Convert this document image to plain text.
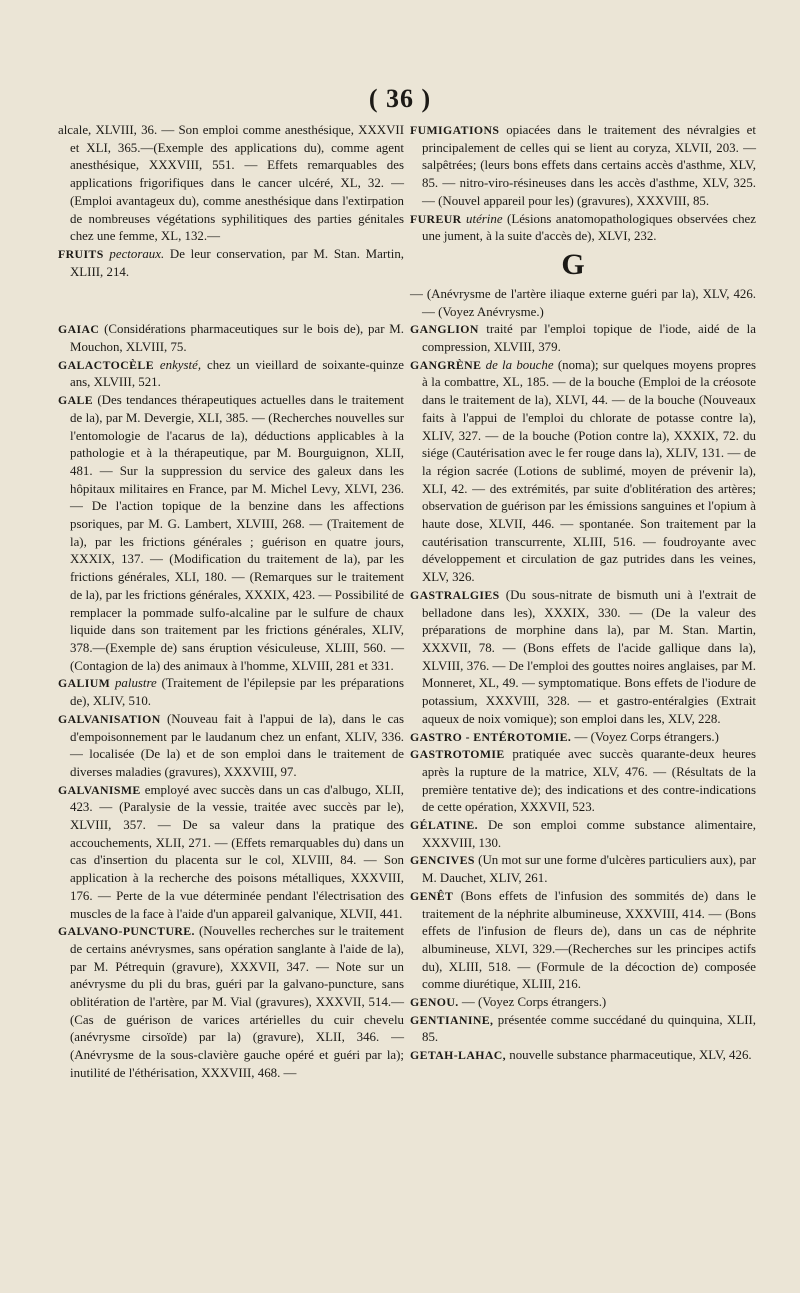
( 36 )

alcale, XLVIII, 36. — Son emploi comme anesthésique, XXXVII et XLI, 365.—(Exemple des applications du), comme agent anesthésique, XXXVIII, 551. — Effets remarquables des applications frigorifiques dans le cancer ulcéré, XL, 32. — (Emploi avantageux du), comme anesthésique dans l'extirpation de nombreuses végétations syphilitiques des parties génitales chez une femme, XL, 132.—

FRUITS pectoraux. De leur conservation, par M. Stan. Martin, XLIII, 214.

GAIAC (Considérations pharmaceutiques sur le bois de), par M. Mouchon, XLVIII, 75.

GALACTOCÈLE enkysté, chez un vieillard de soixante-quinze ans, XLVIII, 521.

GALE (Des tendances thérapeutiques actuelles dans le traitement de la), par M. Devergie, XLI, 385. — (Recherches nouvelles sur l'entomologie de l'acarus de la), déductions applicables à la pathologie et à la thérapeutique, par M. Bourguignon, XLII, 481. — Sur la suppression du service des galeux dans les hôpitaux militaires en France, par M. Michel Levy, XLVI, 236. — De l'action topique de la benzine dans les affections psoriques, par M. G. Lambert, XLVIII, 268. — (Traitement de la), par les frictions générales ; guérison en quatre jours, XXXIX, 137. — (Modification du traitement de la), par les frictions générales, XLI, 180. — (Remarques sur le traitement de la), par les frictions générales, XXXIX, 423. — Possibilité de remplacer la pommade sulfo-alcaline par le sulfure de chaux liquide dans son traitement par les frictions générales, XLIV, 378.—(Exemple de) sans éruption vésiculeuse, XLIII, 560. — (Contagion de la) des animaux à l'homme, XLVIII, 281 et 331.

GALIUM palustre (Traitement de l'épilepsie par les préparations de), XLIV, 510.

GALVANISATION (Nouveau fait à l'appui de la), dans le cas d'empoisonnement par le laudanum chez un enfant, XLIV, 336. — localisée (De la) et de son emploi dans le traitement de diverses maladies (gravures), XXXVIII, 97.

GALVANISME employé avec succès dans un cas d'albugo, XLII, 423. — (Paralysie de la vessie, traitée avec succès par le), XLVIII, 357. — De sa valeur dans la pratique des accouchements, XLII, 271. — (Effets remarquables du) dans un cas d'insertion du placenta sur le col, XLVIII, 84. — Son application à la recherche des poisons métalliques, XXXVIII, 176. — Perte de la vue déterminée pendant l'électrisation des muscles de la face à l'aide d'un appareil galvanique, XLVII, 441.

GALVANO-PUNCTURE. (Nouvelles recherches sur le traitement de certains anévrysmes, sans opération sanglante à l'aide de la), par M. Pétrequin (gravure), XXXVII, 347. — Note sur un anévrysme du pli du bras, guéri par la galvano-puncture, sans oblitération de l'artère, par M. Vial (gravures), XXXVII, 514.—(Cas de guérison de varices artérielles du cuir chevelu (anévrysme cirsoïde) par la) (gravure), XLII, 346. — (Anévrysme de la sous-clavière gauche opéré et guéri par la); inutilité de l'éthérisation, XXXVIII, 468. —

FUMIGATIONS opiacées dans le traitement des névralgies et principalement de celles qui se lient au coryza, XLVII, 203. — salpêtrées; (leurs bons effets dans certains accès d'asthme, XLV, 85. — nitro-viro-résineuses dans les accès d'asthme, XLV, 325.— (Nouvel appareil pour les) (gravures), XXXVIII, 85.

FUREUR utérine (Lésions anatomopathologiques observées chez une jument, à la suite d'accès de), XLVI, 232.

G

— (Anévrysme de l'artère iliaque externe guéri par la), XLV, 426. — (Voyez Anévrysme.)

GANGLION traité par l'emploi topique de l'iode, aidé de la compression, XLVIII, 379.

GANGRÈNE de la bouche (noma); sur quelques moyens propres à la combattre, XL, 185. — de la bouche (Emploi de la créosote dans le traitement de la), XLVI, 44. — de la bouche (Nouveaux faits à l'appui de l'emploi du chlorate de potasse contre la), XLIV, 327. — de la bouche (Potion contre la), XXXIX, 72. du siége (Cautérisation avec le fer rouge dans la), XLIV, 131. — de la région sacrée (Lotions de sublimé, moyen de prévenir la), XLI, 42. — des extrémités, par suite d'oblitération des artères; observation de guérison par les émissions sanguines et l'opium à haute dose, XLVII, 446. — spontanée. Son traitement par la cautérisation transcurrente, XLIII, 516. — foudroyante avec développement et circulation de gaz putrides dans les veines, XLV, 326.

GASTRALGIES (Du sous-nitrate de bismuth uni à l'extrait de belladone dans les), XXXIX, 330. — (De la valeur des préparations de morphine dans la), par M. Stan. Martin, XXXVII, 78. — (Bons effets de l'acide gallique dans la), XLVIII, 376. — De l'emploi des gouttes noires anglaises, par M. Monneret, XL, 49. — symptomatique. Bons effets de l'iodure de potassium, XXXVIII, 328. — et gastro-entéralgies (Extrait aqueux de noix vomique); son emploi dans les, XLV, 228.

GASTRO - ENTÉROTOMIE. — (Voyez Corps étrangers.)

GASTROTOMIE pratiquée avec succès quarante-deux heures après la rupture de la matrice, XLV, 476. — (Résultats de la première tentative de); des indications et des contre-indications de cette opération, XXXVII, 523.

GÉLATINE. De son emploi comme substance alimentaire, XXXVIII, 130.

GENCIVES (Un mot sur une forme d'ulcères particuliers aux), par M. Dauchet, XLIV, 261.

GENÊT (Bons effets de l'infusion des sommités de) dans le traitement de la néphrite albumineuse, XXXVIII, 414. — (Bons effets de l'infusion de fleurs de), dans un cas de néphrite albumineuse, XLVI, 329.—(Recherches sur les principes actifs du), XLIII, 518. — (Formule de la décoction de) composée comme diurétique, XLIII, 216.

GENOU. — (Voyez Corps étrangers.)

GENTIANINE, présentée comme succédané du quinquina, XLII, 85.

GETAH-LAHAC, nouvelle substance pharmaceutique, XLV, 426.
